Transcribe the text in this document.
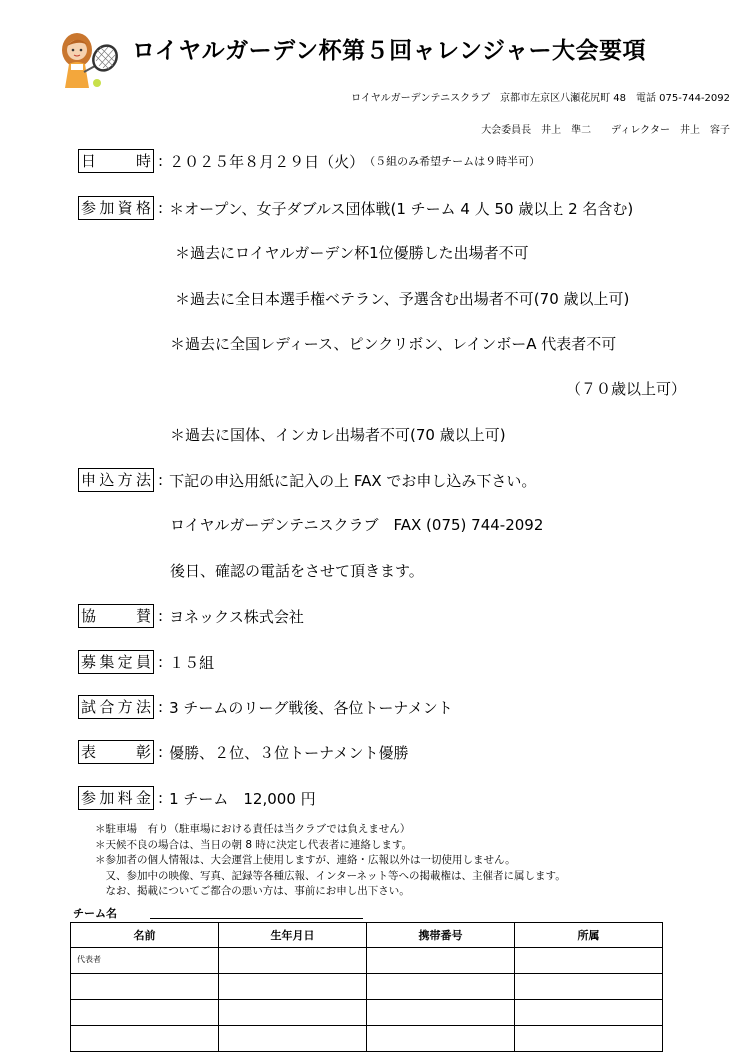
ロイヤルガーデン杯第５回ャレンジャー大会要項
ロイヤルガーデンテニスクラブ　京都市左京区八瀬花尻町 48　電話 075-744-2092
大会委員長　井上　準二　　ディレクター　井上　容子
日時 : ２０２５年８月２９日（火） （５組のみ希望チームは９時半可）
参加資格 : ＊オープン、女子ダブルス団体戦(1 チーム 4 人 50 歳以上 2 名含む)
＊過去にロイヤルガーデン杯1位優勝した出場者不可
＊過去に全日本選手権ベテラン、予選含む出場者不可(70 歳以上可)
＊過去に全国レディース、ピンクリボン、レインボーA 代表者不可
（７０歳以上可）
＊過去に国体、インカレ出場者不可(70 歳以上可)
申込方法 : 下記の申込用紙に記入の上 FAX でお申し込み下さい。
ロイヤルガーデンテニスクラブ　FAX (075) 744-2092
後日、確認の電話をさせて頂きます。
協賛 : ヨネックス株式会社
募集定員 : １５組
試合方法 : 3 チームのリーグ戦後、各位トーナメント
表彰 : 優勝、２位、３位トーナメント優勝
参加料金 : 1 チーム　12,000 円
＊駐車場　有り（駐車場における責任は当クラブでは負えません）
＊天候不良の場合は、当日の朝 8 時に決定し代表者に連絡します。
＊参加者の個人情報は、大会運営上使用しますが、連絡・広報以外は一切使用しません。
　又、参加中の映像、写真、記録等各種広報、インターネット等への掲載権は、主催者に属します。
　なお、掲載についてご都合の悪い方は、事前にお申し出下さい。
チーム名
名前	生年月日	携帯番号	所属

代表者			
